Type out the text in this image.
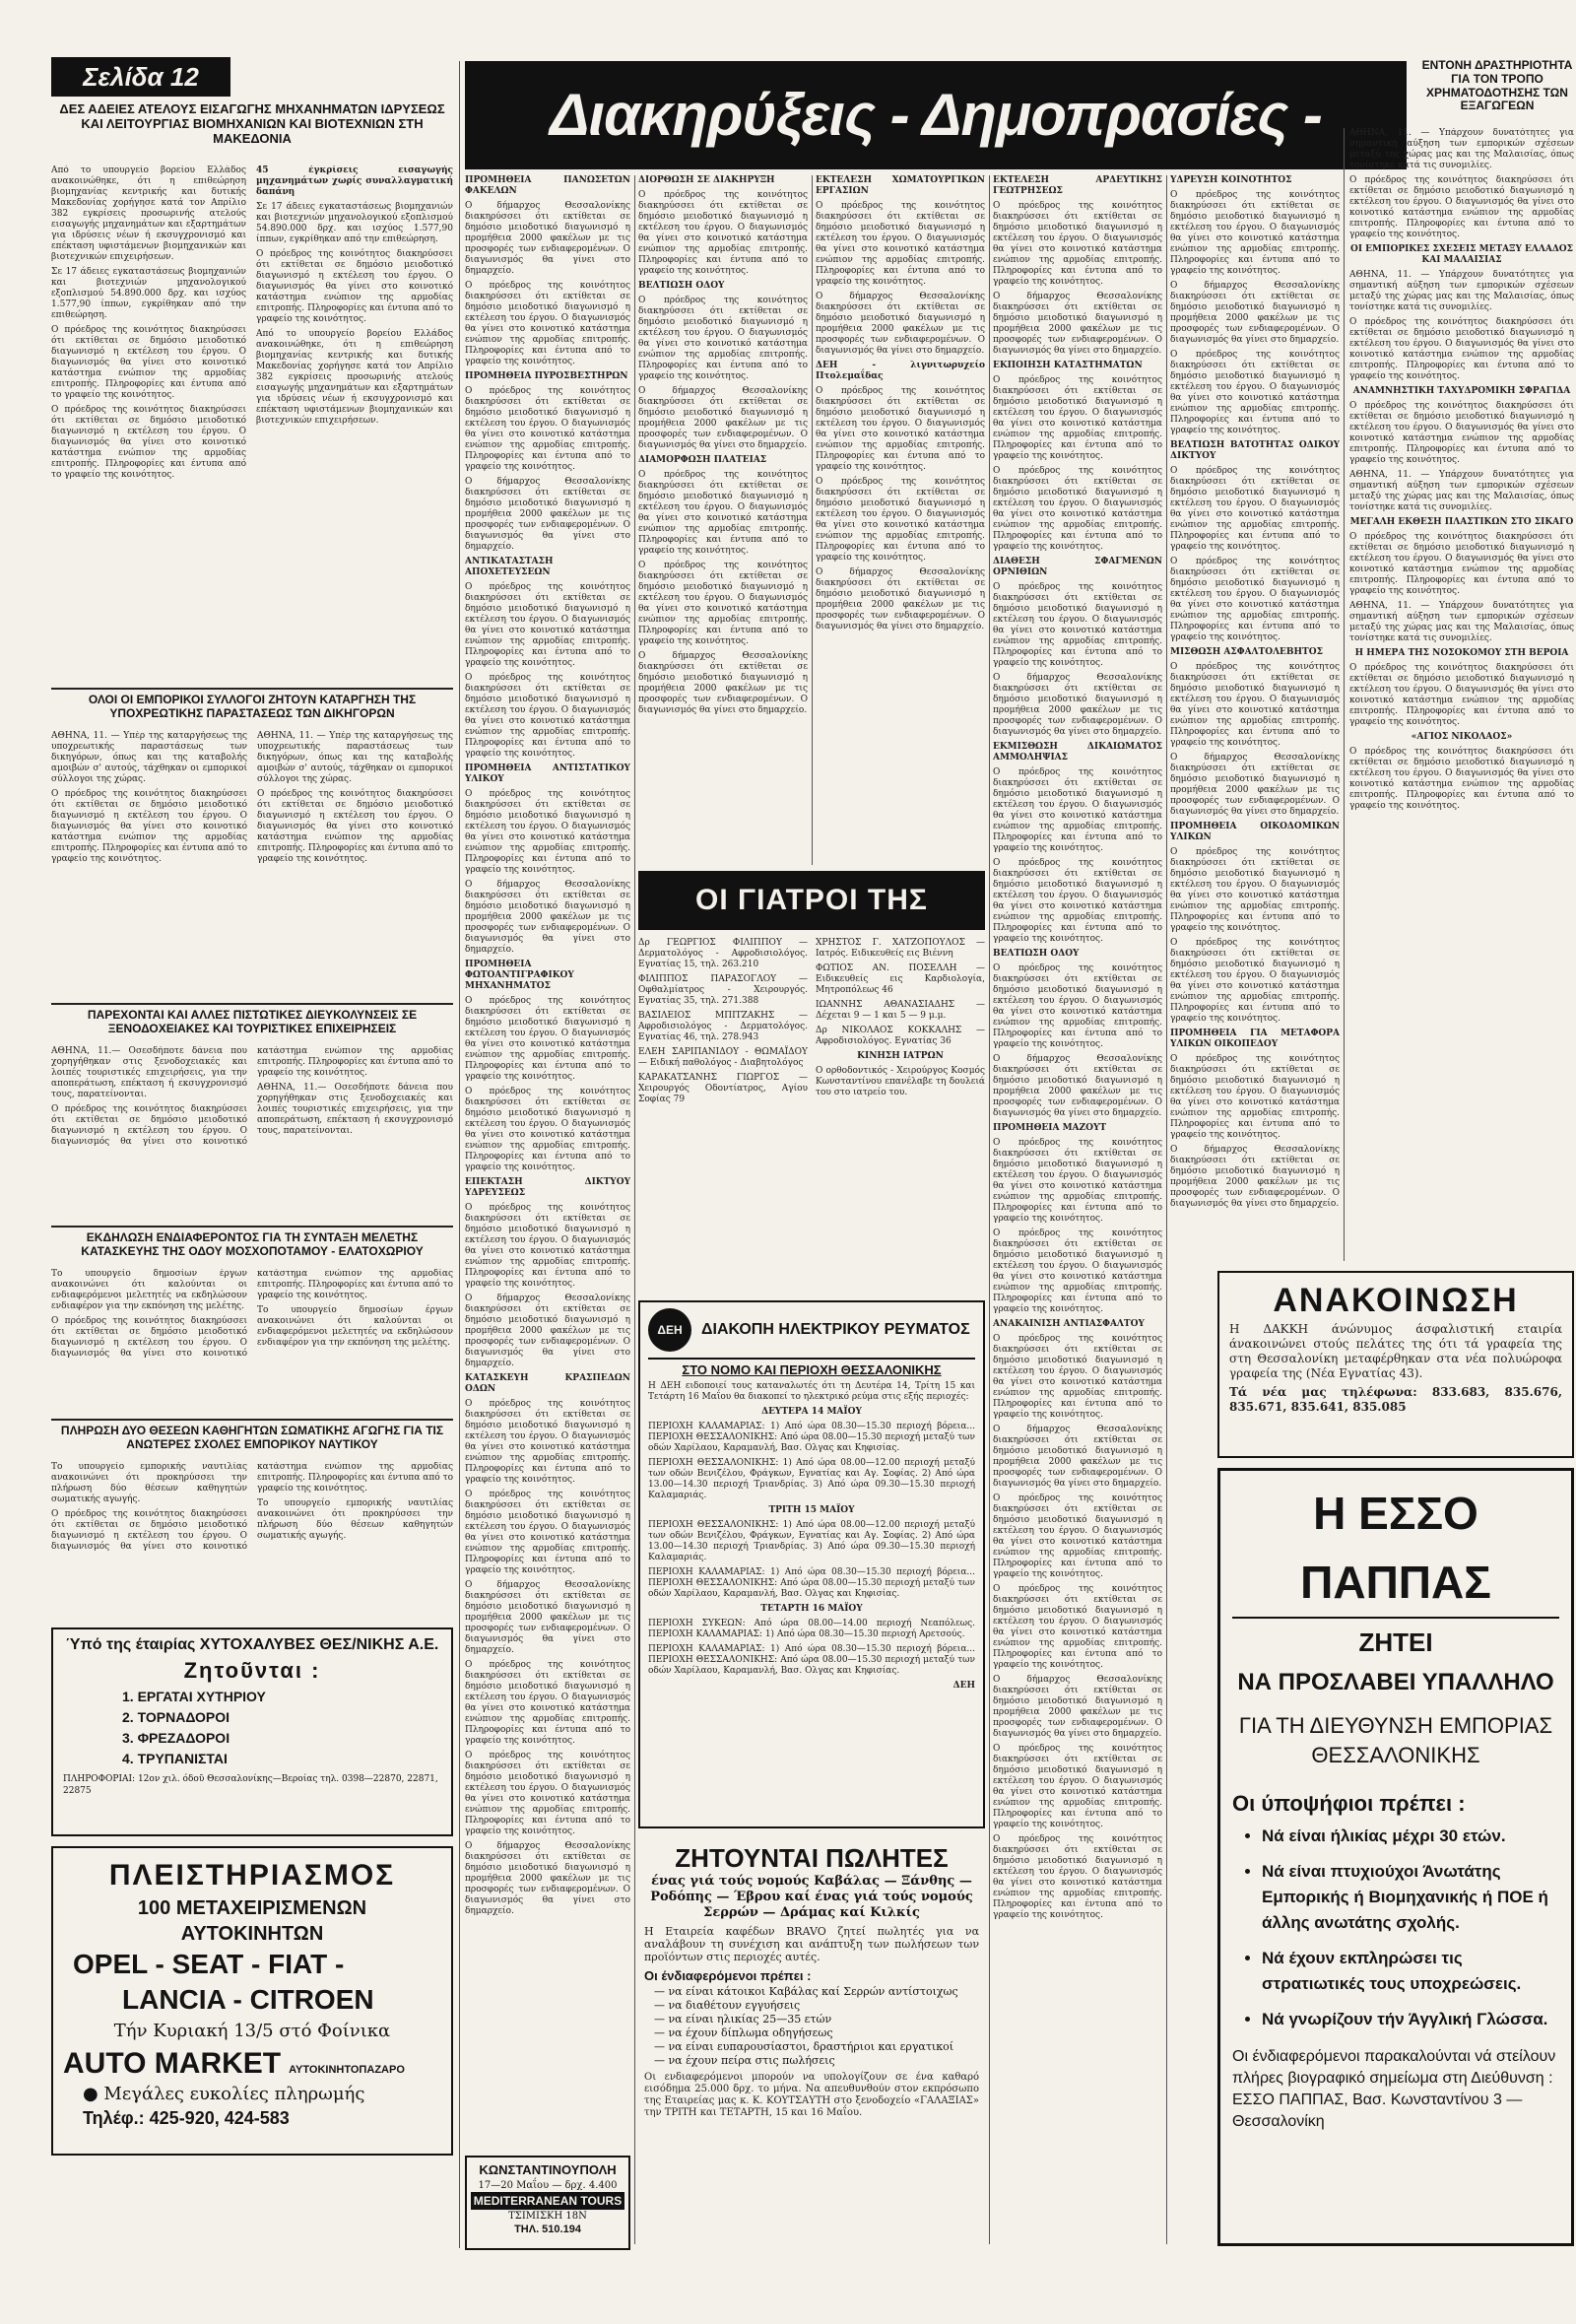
Σελίδα 12
ΔΕΣ ΑΔΕΙΕΣ ΑΤΕΛΟΥΣ ΕΙΣΑΓΩΓΗΣ ΜΗΧΑΝΗΜΑΤΩΝ ΙΔΡΥΣΕΩΣ ΚΑΙ ΛΕΙΤΟΥΡΓΙΑΣ ΒΙΟΜΗΧΑΝΙΩΝ ΚΑΙ ΒΙΟΤΕΧΝΙΩΝ ΣΤΗ ΜΑΚΕΔΟΝΙΑ	Διακηρύξεις - Δημοπρασίες -
ΕΝΤΟΝΗ ΔΡΑΣΤΗΡΙΟΤΗΤΑ ΓΙΑ ΤΟΝ ΤΡΟΠΟ ΧΡΗΜΑΤΟΔΟΤΗΣΗΣ ΤΩΝ ΕΞΑΓΩΓΕΩΝ

Από το υπουργείο βορείου Ελλάδος ανακοινώθηκε, ότι η επιθεώρηση βιομηχανίας κεντρικής και δυτικής Μακεδονίας χορήγησε κατά τον Απρίλιο 382 εγκρίσεις προσωρινής ατελούς εισαγωγής μηχανημάτων και εξαρτημάτων για ιδρύσεις νέων ή εκσυγχρονισμό και επέκταση υφιστάμενων βιομηχανικών και βιοτεχνικών επιχειρήσεων.

Σε 17 άδειες εγκαταστάσεως βιομηχανιών και βιοτεχνιών μηχανολογικού εξοπλισμού 54.890.000 δρχ. και ισχύος 1.577,90 ίππων, εγκρίθηκαν από την επιθεώρηση.

Ο πρόεδρος της κοινότητος διακηρύσσει ότι εκτίθεται σε δημόσιο μειοδοτικό διαγωνισμό η εκτέλεση του έργου. Ο διαγωνισμός θα γίνει στο κοινοτικό κατάστημα ενώπιον της αρμοδίας επιτροπής. Πληροφορίες και έντυπα από το γραφείο της κοινότητος.

Ο πρόεδρος της κοινότητος διακηρύσσει ότι εκτίθεται σε δημόσιο μειοδοτικό διαγωνισμό η εκτέλεση του έργου. Ο διαγωνισμός θα γίνει στο κοινοτικό κατάστημα ενώπιον της αρμοδίας επιτροπής. Πληροφορίες και έντυπα από το γραφείο της κοινότητος.

45 έγκρίσεις εισαγωγής μηχανημάτων χωρίς συναλλαγματική δαπάνη

Σε 17 άδειες εγκαταστάσεως βιομηχανιών και βιοτεχνιών μηχανολογικού εξοπλισμού 54.890.000 δρχ. και ισχύος 1.577,90 ίππων, εγκρίθηκαν από την επιθεώρηση.

Ο πρόεδρος της κοινότητος διακηρύσσει ότι εκτίθεται σε δημόσιο μειοδοτικό διαγωνισμό η εκτέλεση του έργου. Ο διαγωνισμός θα γίνει στο κοινοτικό κατάστημα ενώπιον της αρμοδίας επιτροπής. Πληροφορίες και έντυπα από το γραφείο της κοινότητος.

Από το υπουργείο βορείου Ελλάδος ανακοινώθηκε, ότι η επιθεώρηση βιομηχανίας κεντρικής και δυτικής Μακεδονίας χορήγησε κατά τον Απρίλιο 382 εγκρίσεις προσωρινής ατελούς εισαγωγής μηχανημάτων και εξαρτημάτων για ιδρύσεις νέων ή εκσυγχρονισμό και επέκταση υφιστάμενων βιομηχανικών και βιοτεχνικών επιχειρήσεων.

ΟΛΟΙ ΟΙ ΕΜΠΟΡΙΚΟΙ ΣΥΛΛΟΓΟΙ ΖΗΤΟΥΝ ΚΑΤΑΡΓΗΣΗ ΤΗΣ ΥΠΟΧΡΕΩΤΙΚΗΣ ΠΑΡΑΣΤΑΣΕΩΣ ΤΩΝ ΔΙΚΗΓΟΡΩΝ

ΑΘΗΝΑ, 11. — Υπέρ της καταργήσεως της υποχρεωτικής παραστάσεως των δικηγόρων, όπως και της καταβολής αμοιβών σ' αυτούς, τάχθηκαν οι εμπορικοί σύλλογοι της χώρας.

Ο πρόεδρος της κοινότητος διακηρύσσει ότι εκτίθεται σε δημόσιο μειοδοτικό διαγωνισμό η εκτέλεση του έργου. Ο διαγωνισμός θα γίνει στο κοινοτικό κατάστημα ενώπιον της αρμοδίας επιτροπής. Πληροφορίες και έντυπα από το γραφείο της κοινότητος.

ΑΘΗΝΑ, 11. — Υπέρ της καταργήσεως της υποχρεωτικής παραστάσεως των δικηγόρων, όπως και της καταβολής αμοιβών σ' αυτούς, τάχθηκαν οι εμπορικοί σύλλογοι της χώρας.

Ο πρόεδρος της κοινότητος διακηρύσσει ότι εκτίθεται σε δημόσιο μειοδοτικό διαγωνισμό η εκτέλεση του έργου. Ο διαγωνισμός θα γίνει στο κοινοτικό κατάστημα ενώπιον της αρμοδίας επιτροπής. Πληροφορίες και έντυπα από το γραφείο της κοινότητος.

ΠΑΡΕΧΟΝΤΑΙ ΚΑΙ ΑΛΛΕΣ ΠΙΣΤΩΤΙΚΕΣ ΔΙΕΥΚΟΛΥΝΣΕΙΣ ΣΕ ΞΕΝΟΔΟΧΕΙΑΚΕΣ ΚΑΙ ΤΟΥΡΙΣΤΙΚΕΣ ΕΠΙΧΕΙΡΗΣΕΙΣ

ΑΘΗΝΑ, 11.— Οσεσδήποτε δάνεια που χορηγήθηκαν στις ξενοδοχειακές και λοιπές τουριστικές επιχειρήσεις, για την αποπεράτωση, επέκταση ή εκσυγχρονισμό τους, παρατείνονται.

Ο πρόεδρος της κοινότητος διακηρύσσει ότι εκτίθεται σε δημόσιο μειοδοτικό διαγωνισμό η εκτέλεση του έργου. Ο διαγωνισμός θα γίνει στο κοινοτικό κατάστημα ενώπιον της αρμοδίας επιτροπής. Πληροφορίες και έντυπα από το γραφείο της κοινότητος.

ΑΘΗΝΑ, 11.— Οσεσδήποτε δάνεια που χορηγήθηκαν στις ξενοδοχειακές και λοιπές τουριστικές επιχειρήσεις, για την αποπεράτωση, επέκταση ή εκσυγχρονισμό τους, παρατείνονται.

ΕΚΔΗΛΩΣΗ ΕΝΔΙΑΦΕΡΟΝΤΟΣ ΓΙΑ ΤΗ ΣΥΝΤΑΞΗ ΜΕΛΕΤΗΣ ΚΑΤΑΣΚΕΥΗΣ ΤΗΣ ΟΔΟΥ ΜΟΣΧΟΠΟΤΑΜΟΥ - ΕΛΑΤΟΧΩΡΙΟΥ

Το υπουργείο δημοσίων έργων ανακοινώνει ότι καλούνται οι ενδιαφερόμενοι μελετητές να εκδηλώσουν ενδιαφέρον για την εκπόνηση της μελέτης.

Ο πρόεδρος της κοινότητος διακηρύσσει ότι εκτίθεται σε δημόσιο μειοδοτικό διαγωνισμό η εκτέλεση του έργου. Ο διαγωνισμός θα γίνει στο κοινοτικό κατάστημα ενώπιον της αρμοδίας επιτροπής. Πληροφορίες και έντυπα από το γραφείο της κοινότητος.

Το υπουργείο δημοσίων έργων ανακοινώνει ότι καλούνται οι ενδιαφερόμενοι μελετητές να εκδηλώσουν ενδιαφέρον για την εκπόνηση της μελέτης.

ΠΛΗΡΩΣΗ ΔΥΟ ΘΕΣΕΩΝ ΚΑΘΗΓΗΤΩΝ ΣΩΜΑΤΙΚΗΣ ΑΓΩΓΗΣ ΓΙΑ ΤΙΣ ΑΝΩΤΕΡΕΣ ΣΧΟΛΕΣ ΕΜΠΟΡΙΚΟΥ ΝΑΥΤΙΚΟΥ

Το υπουργείο εμπορικής ναυτιλίας ανακοινώνει ότι προκηρύσσει την πλήρωση δύο θέσεων καθηγητών σωματικής αγωγής.

Ο πρόεδρος της κοινότητος διακηρύσσει ότι εκτίθεται σε δημόσιο μειοδοτικό διαγωνισμό η εκτέλεση του έργου. Ο διαγωνισμός θα γίνει στο κοινοτικό κατάστημα ενώπιον της αρμοδίας επιτροπής. Πληροφορίες και έντυπα από το γραφείο της κοινότητος.

Το υπουργείο εμπορικής ναυτιλίας ανακοινώνει ότι προκηρύσσει την πλήρωση δύο θέσεων καθηγητών σωματικής αγωγής.

Ύπό της έταιρίας ΧΥΤΟΧΑΛΥΒΕΣ ΘΕΣ/ΝΙΚΗΣ Α.Ε.
Ζητοῦνται :
1. ΕΡΓΑΤΑΙ ΧΥΤΗΡΙΟΥ
2. ΤΟΡΝΑΔΟΡΟΙ
3. ΦΡΕΖΑΔΟΡΟΙ
4. ΤΡΥΠΑΝΙΣΤΑΙ
ΠΛΗΡΟΦΟΡΙΑΙ: 12ον χιλ. όδοῦ Θεσσαλονίκης—Βεροίας τηλ. 0398—22870, 22871, 22875
ΠΛΕΙΣΤΗΡΙΑΣΜΟΣ
100 ΜΕΤΑΧΕΙΡΙΣΜΕΝΩΝ
ΑΥΤΟΚΙΝΗΤΩΝ
OPEL - SEAT - FIAT -
LANCIA - CITROEN
Τήν Κυριακή 13/5 στό Φοίνικα
AUTO MARKET ΑΥΤΟΚΙΝΗΤΟΠΑΖΑΡΟ
● Μεγάλες ευκολίες πληρωμής
Τηλέφ.: 425-920, 424-583

ΠΡΟΜΗΘΕΙΑ ΠΑΝΩΣΕΤΩΝ ΦΑΚΕΛΩΝ

Ο δήμαρχος Θεσσαλονίκης διακηρύσσει ότι εκτίθεται σε δημόσιο μειοδοτικό διαγωνισμό η προμήθεια 2000 φακέλων με τις προσφορές των ενδιαφερομένων. Ο διαγωνισμός θα γίνει στο δημαρχείο.

Ο πρόεδρος της κοινότητος διακηρύσσει ότι εκτίθεται σε δημόσιο μειοδοτικό διαγωνισμό η εκτέλεση του έργου. Ο διαγωνισμός θα γίνει στο κοινοτικό κατάστημα ενώπιον της αρμοδίας επιτροπής. Πληροφορίες και έντυπα από το γραφείο της κοινότητος.

ΠΡΟΜΗΘΕΙΑ ΠΥΡΟΣΒΕΣΤΗΡΩΝ

Ο πρόεδρος της κοινότητος διακηρύσσει ότι εκτίθεται σε δημόσιο μειοδοτικό διαγωνισμό η εκτέλεση του έργου. Ο διαγωνισμός θα γίνει στο κοινοτικό κατάστημα ενώπιον της αρμοδίας επιτροπής. Πληροφορίες και έντυπα από το γραφείο της κοινότητος.

Ο δήμαρχος Θεσσαλονίκης διακηρύσσει ότι εκτίθεται σε δημόσιο μειοδοτικό διαγωνισμό η προμήθεια 2000 φακέλων με τις προσφορές των ενδιαφερομένων. Ο διαγωνισμός θα γίνει στο δημαρχείο.

ΑΝΤΙΚΑΤΑΣΤΑΣΗ ΑΠΟΧΕΤΕΥΣΕΩΝ

Ο πρόεδρος της κοινότητος διακηρύσσει ότι εκτίθεται σε δημόσιο μειοδοτικό διαγωνισμό η εκτέλεση του έργου. Ο διαγωνισμός θα γίνει στο κοινοτικό κατάστημα ενώπιον της αρμοδίας επιτροπής. Πληροφορίες και έντυπα από το γραφείο της κοινότητος.

Ο πρόεδρος της κοινότητος διακηρύσσει ότι εκτίθεται σε δημόσιο μειοδοτικό διαγωνισμό η εκτέλεση του έργου. Ο διαγωνισμός θα γίνει στο κοινοτικό κατάστημα ενώπιον της αρμοδίας επιτροπής. Πληροφορίες και έντυπα από το γραφείο της κοινότητος.

ΠΡΟΜΗΘΕΙΑ ΑΝΤΙΣΤΑΤΙΚΟΥ ΥΛΙΚΟΥ

Ο πρόεδρος της κοινότητος διακηρύσσει ότι εκτίθεται σε δημόσιο μειοδοτικό διαγωνισμό η εκτέλεση του έργου. Ο διαγωνισμός θα γίνει στο κοινοτικό κατάστημα ενώπιον της αρμοδίας επιτροπής. Πληροφορίες και έντυπα από το γραφείο της κοινότητος.

Ο δήμαρχος Θεσσαλονίκης διακηρύσσει ότι εκτίθεται σε δημόσιο μειοδοτικό διαγωνισμό η προμήθεια 2000 φακέλων με τις προσφορές των ενδιαφερομένων. Ο διαγωνισμός θα γίνει στο δημαρχείο.

ΠΡΟΜΗΘΕΙΑ ΦΩΤΟΑΝΤΙΓΡΑΦΙΚΟΥ ΜΗΧΑΝΗΜΑΤΟΣ

Ο πρόεδρος της κοινότητος διακηρύσσει ότι εκτίθεται σε δημόσιο μειοδοτικό διαγωνισμό η εκτέλεση του έργου. Ο διαγωνισμός θα γίνει στο κοινοτικό κατάστημα ενώπιον της αρμοδίας επιτροπής. Πληροφορίες και έντυπα από το γραφείο της κοινότητος.

Ο πρόεδρος της κοινότητος διακηρύσσει ότι εκτίθεται σε δημόσιο μειοδοτικό διαγωνισμό η εκτέλεση του έργου. Ο διαγωνισμός θα γίνει στο κοινοτικό κατάστημα ενώπιον της αρμοδίας επιτροπής. Πληροφορίες και έντυπα από το γραφείο της κοινότητος.

ΕΠΕΚΤΑΣΗ ΔΙΚΤΥΟΥ ΥΔΡΕΥΣΕΩΣ

Ο πρόεδρος της κοινότητος διακηρύσσει ότι εκτίθεται σε δημόσιο μειοδοτικό διαγωνισμό η εκτέλεση του έργου. Ο διαγωνισμός θα γίνει στο κοινοτικό κατάστημα ενώπιον της αρμοδίας επιτροπής. Πληροφορίες και έντυπα από το γραφείο της κοινότητος.

Ο δήμαρχος Θεσσαλονίκης διακηρύσσει ότι εκτίθεται σε δημόσιο μειοδοτικό διαγωνισμό η προμήθεια 2000 φακέλων με τις προσφορές των ενδιαφερομένων. Ο διαγωνισμός θα γίνει στο δημαρχείο.

ΚΑΤΑΣΚΕΥΗ ΚΡΑΣΠΕΔΩΝ ΟΔΩΝ

Ο πρόεδρος της κοινότητος διακηρύσσει ότι εκτίθεται σε δημόσιο μειοδοτικό διαγωνισμό η εκτέλεση του έργου. Ο διαγωνισμός θα γίνει στο κοινοτικό κατάστημα ενώπιον της αρμοδίας επιτροπής. Πληροφορίες και έντυπα από το γραφείο της κοινότητος.

Ο πρόεδρος της κοινότητος διακηρύσσει ότι εκτίθεται σε δημόσιο μειοδοτικό διαγωνισμό η εκτέλεση του έργου. Ο διαγωνισμός θα γίνει στο κοινοτικό κατάστημα ενώπιον της αρμοδίας επιτροπής. Πληροφορίες και έντυπα από το γραφείο της κοινότητος.

Ο δήμαρχος Θεσσαλονίκης διακηρύσσει ότι εκτίθεται σε δημόσιο μειοδοτικό διαγωνισμό η προμήθεια 2000 φακέλων με τις προσφορές των ενδιαφερομένων. Ο διαγωνισμός θα γίνει στο δημαρχείο.

Ο πρόεδρος της κοινότητος διακηρύσσει ότι εκτίθεται σε δημόσιο μειοδοτικό διαγωνισμό η εκτέλεση του έργου. Ο διαγωνισμός θα γίνει στο κοινοτικό κατάστημα ενώπιον της αρμοδίας επιτροπής. Πληροφορίες και έντυπα από το γραφείο της κοινότητος.

Ο πρόεδρος της κοινότητος διακηρύσσει ότι εκτίθεται σε δημόσιο μειοδοτικό διαγωνισμό η εκτέλεση του έργου. Ο διαγωνισμός θα γίνει στο κοινοτικό κατάστημα ενώπιον της αρμοδίας επιτροπής. Πληροφορίες και έντυπα από το γραφείο της κοινότητος.

Ο δήμαρχος Θεσσαλονίκης διακηρύσσει ότι εκτίθεται σε δημόσιο μειοδοτικό διαγωνισμό η προμήθεια 2000 φακέλων με τις προσφορές των ενδιαφερομένων. Ο διαγωνισμός θα γίνει στο δημαρχείο.

ΔΙΟΡΘΩΣΗ ΣΕ ΔΙΑΚΗΡΥΞΗ

Ο πρόεδρος της κοινότητος διακηρύσσει ότι εκτίθεται σε δημόσιο μειοδοτικό διαγωνισμό η εκτέλεση του έργου. Ο διαγωνισμός θα γίνει στο κοινοτικό κατάστημα ενώπιον της αρμοδίας επιτροπής. Πληροφορίες και έντυπα από το γραφείο της κοινότητος.

ΒΕΛΤΙΩΣΗ ΟΔΟΥ

Ο πρόεδρος της κοινότητος διακηρύσσει ότι εκτίθεται σε δημόσιο μειοδοτικό διαγωνισμό η εκτέλεση του έργου. Ο διαγωνισμός θα γίνει στο κοινοτικό κατάστημα ενώπιον της αρμοδίας επιτροπής. Πληροφορίες και έντυπα από το γραφείο της κοινότητος.

Ο δήμαρχος Θεσσαλονίκης διακηρύσσει ότι εκτίθεται σε δημόσιο μειοδοτικό διαγωνισμό η προμήθεια 2000 φακέλων με τις προσφορές των ενδιαφερομένων. Ο διαγωνισμός θα γίνει στο δημαρχείο.

ΔΙΑΜΟΡΦΩΣΗ ΠΛΑΤΕΙΑΣ

Ο πρόεδρος της κοινότητος διακηρύσσει ότι εκτίθεται σε δημόσιο μειοδοτικό διαγωνισμό η εκτέλεση του έργου. Ο διαγωνισμός θα γίνει στο κοινοτικό κατάστημα ενώπιον της αρμοδίας επιτροπής. Πληροφορίες και έντυπα από το γραφείο της κοινότητος.

Ο πρόεδρος της κοινότητος διακηρύσσει ότι εκτίθεται σε δημόσιο μειοδοτικό διαγωνισμό η εκτέλεση του έργου. Ο διαγωνισμός θα γίνει στο κοινοτικό κατάστημα ενώπιον της αρμοδίας επιτροπής. Πληροφορίες και έντυπα από το γραφείο της κοινότητος.

Ο δήμαρχος Θεσσαλονίκης διακηρύσσει ότι εκτίθεται σε δημόσιο μειοδοτικό διαγωνισμό η προμήθεια 2000 φακέλων με τις προσφορές των ενδιαφερομένων. Ο διαγωνισμός θα γίνει στο δημαρχείο.

ΕΚΤΕΛΕΣΗ ΧΩΜΑΤΟΥΡΓΙΚΩΝ ΕΡΓΑΣΙΩΝ

Ο πρόεδρος της κοινότητος διακηρύσσει ότι εκτίθεται σε δημόσιο μειοδοτικό διαγωνισμό η εκτέλεση του έργου. Ο διαγωνισμός θα γίνει στο κοινοτικό κατάστημα ενώπιον της αρμοδίας επιτροπής. Πληροφορίες και έντυπα από το γραφείο της κοινότητος.

Ο δήμαρχος Θεσσαλονίκης διακηρύσσει ότι εκτίθεται σε δημόσιο μειοδοτικό διαγωνισμό η προμήθεια 2000 φακέλων με τις προσφορές των ενδιαφερομένων. Ο διαγωνισμός θα γίνει στο δημαρχείο.

ΔΕΗ - λιγνιτωρυχείο Πτολεμαΐδας

Ο πρόεδρος της κοινότητος διακηρύσσει ότι εκτίθεται σε δημόσιο μειοδοτικό διαγωνισμό η εκτέλεση του έργου. Ο διαγωνισμός θα γίνει στο κοινοτικό κατάστημα ενώπιον της αρμοδίας επιτροπής. Πληροφορίες και έντυπα από το γραφείο της κοινότητος.

Ο πρόεδρος της κοινότητος διακηρύσσει ότι εκτίθεται σε δημόσιο μειοδοτικό διαγωνισμό η εκτέλεση του έργου. Ο διαγωνισμός θα γίνει στο κοινοτικό κατάστημα ενώπιον της αρμοδίας επιτροπής. Πληροφορίες και έντυπα από το γραφείο της κοινότητος.

Ο δήμαρχος Θεσσαλονίκης διακηρύσσει ότι εκτίθεται σε δημόσιο μειοδοτικό διαγωνισμό η προμήθεια 2000 φακέλων με τις προσφορές των ενδιαφερομένων. Ο διαγωνισμός θα γίνει στο δημαρχείο.

ΟΙ ΓΙΑΤΡΟΙ ΤΗΣ

Δρ ΓΕΩΡΓΙΟΣ ΦΙΛΙΠΠΟΥ — Δερματολόγος - Αφροδισιολόγος. Εγνατίας 15, τηλ. 263.210

ΦΙΛΙΠΠΟΣ ΠΑΡΑΣΟΓΛΟΥ — Οφθαλμίατρος - Χειρουργός. Εγνατίας 35, τηλ. 271.388

ΒΑΣΙΛΕΙΟΣ ΜΠΙΤΖΑΚΗΣ — Αφροδισιολόγος - Δερματολόγος. Εγνατίας 46, τηλ. 278.943

ΕΛΕΗ ΣΑΡΙΠΑΝΙΔΟΥ - ΘΩΜΑΪΔΟΥ — Ειδική παθολόγος - Διαβητολόγος

ΚΑΡΑΚΑΤΣΑΝΗΣ ΓΙΩΡΓΟΣ — Χειρουργός Οδοντίατρος, Αγίου Σοφίας 79

ΧΡΗΣΤΟΣ Γ. ΧΑΤΖΟΠΟΥΛΟΣ — Ιατρός. Ειδικευθείς εις Βιέννη

ΦΩΤΙΟΣ ΑΝ. ΠΟΣΕΛΛΗ — Ειδικευθείς εις Καρδιολογία, Μητροπόλεως 46

ΙΩΑΝΝΗΣ ΑΘΑΝΑΣΙΑΔΗΣ — Δέχεται 9 — 1 και 5 — 9 μ.μ.

Δρ ΝΙΚΟΛΑΟΣ ΚΟΚΚΑΛΗΣ — Αφροδισιολόγος. Εγνατίας 36

ΚΙΝΗΣΗ ΙΑΤΡΩΝ

Ο ορθοδοντικός - Χειρούργος Κοσμός Κωνσταντίνου επανέλαβε τη δουλειά του στο ιατρείο του.

ΔΕΗ	ΔΙΑΚΟΠΗ ΗΛΕΚΤΡΙΚΟΥ ΡΕΥΜΑΤΟΣ
ΣΤΟ ΝΟΜΟ ΚΑΙ ΠΕΡΙΟΧΗ ΘΕΣΣΑΛΟΝΙΚΗΣ

Η ΔΕΗ ειδοποιεί τους καταναλωτές ότι τη Δευτέρα 14, Τρίτη 15 και Τετάρτη 16 Μαΐου θα διακοπεί το ηλεκτρικό ρεύμα στις εξής περιοχές:

ΔΕΥΤΕΡΑ 14 ΜΑΪΟΥ

ΠΕΡΙΟΧΗ ΚΑΛΑΜΑΡΙΑΣ: 1) Από ώρα 08.30—15.30 περιοχή βόρεια... ΠΕΡΙΟΧΗ ΘΕΣΣΑΛΟΝΙΚΗΣ: Από ώρα 08.00—15.30 περιοχή μεταξύ των οδών Χαρίλαου, Καραμανλή, Βασ. Ολγας και Κηφισίας.

ΠΕΡΙΟΧΗ ΘΕΣΣΑΛΟΝΙΚΗΣ: 1) Από ώρα 08.00—12.00 περιοχή μεταξύ των οδών Βενιζέλου, Φράγκων, Εγνατίας και Αγ. Σοφίας. 2) Από ώρα 13.00—14.30 περιοχή Τριανδρίας. 3) Από ώρα 09.30—15.30 περιοχή Καλαμαριάς.

ΤΡΙΤΗ 15 ΜΑΪΟΥ

ΠΕΡΙΟΧΗ ΘΕΣΣΑΛΟΝΙΚΗΣ: 1) Από ώρα 08.00—12.00 περιοχή μεταξύ των οδών Βενιζέλου, Φράγκων, Εγνατίας και Αγ. Σοφίας. 2) Από ώρα 13.00—14.30 περιοχή Τριανδρίας. 3) Από ώρα 09.30—15.30 περιοχή Καλαμαριάς.

ΠΕΡΙΟΧΗ ΚΑΛΑΜΑΡΙΑΣ: 1) Από ώρα 08.30—15.30 περιοχή βόρεια... ΠΕΡΙΟΧΗ ΘΕΣΣΑΛΟΝΙΚΗΣ: Από ώρα 08.00—15.30 περιοχή μεταξύ των οδών Χαρίλαου, Καραμανλή, Βασ. Ολγας και Κηφισίας.

ΤΕΤΑΡΤΗ 16 ΜΑΪΟΥ

ΠΕΡΙΟΧΗ ΣΥΚΕΩΝ: Από ώρα 08.00—14.00 περιοχή Νεαπόλεως. ΠΕΡΙΟΧΗ ΚΑΛΑΜΑΡΙΑΣ: 1) Από ώρα 08.30—15.30 περιοχή Αρετσούς.

ΠΕΡΙΟΧΗ ΚΑΛΑΜΑΡΙΑΣ: 1) Από ώρα 08.30—15.30 περιοχή βόρεια... ΠΕΡΙΟΧΗ ΘΕΣΣΑΛΟΝΙΚΗΣ: Από ώρα 08.00—15.30 περιοχή μεταξύ των οδών Χαρίλαου, Καραμανλή, Βασ. Ολγας και Κηφισίας.

ΔΕΗ

ΖΗΤΟΥΝΤΑΙ ΠΩΛΗΤΕΣ
ένας γιά τούς νομούς Καβάλας — Ξάνθης — Ροδόπης — Έβρου καί ένας γιά τούς νομούς Σερρών — Δράμας καί Κιλκίς

Η Εταιρεία καφέδων BRAVO ζητεί πωλητές για να αναλάβουν τη συνέχιση και ανάπτυξη των πωλήσεων των προϊόντων στις περιοχές αυτές.

Οι ένδιαφερόμενοι πρέπει :
— να είναι κάτοικοι Καβάλας καί Σερρών αντίστοιχως
— να διαθέτουν εγγυήσεις
— να είναι ηλικίας 25—35 ετών
— να έχουν δίπλωμα οδηγήσεως
— να είναι ευπαρουσίαστοι, δραστήριοι και εργατικοί
— να έχουν πείρα στις πωλήσεις

Οι ενδιαφερόμενοι μπορούν να υπολογίζουν σε ένα καθαρό εισόδημα 25.000 δρχ. το μήνα. Να απευθυνθούν στον εκπρόσωπο της Εταιρείας μας κ. Κ. ΚΟΥΤΣΑΥΤΗ στο ξενοδοχείο «ΓΑΛΑΞΙΑΣ» την ΤΡΙΤΗ και ΤΕΤΑΡΤΗ, 15 και 16 Μαΐου.

ΚΩΝΣΤΑΝΤΙΝΟΥΠΟΛΗ
17—20 Μαΐου — δρχ. 4.400
MEDITERRANEAN TOURS
ΤΣΙΜΙΣΚΗ 18Ν
ΤΗΛ. 510.194

ΕΚΤΕΛΕΣΗ ΑΡΔΕΥΤΙΚΗΣ ΓΕΩΤΡΗΣΕΩΣ

Ο πρόεδρος της κοινότητος διακηρύσσει ότι εκτίθεται σε δημόσιο μειοδοτικό διαγωνισμό η εκτέλεση του έργου. Ο διαγωνισμός θα γίνει στο κοινοτικό κατάστημα ενώπιον της αρμοδίας επιτροπής. Πληροφορίες και έντυπα από το γραφείο της κοινότητος.

Ο δήμαρχος Θεσσαλονίκης διακηρύσσει ότι εκτίθεται σε δημόσιο μειοδοτικό διαγωνισμό η προμήθεια 2000 φακέλων με τις προσφορές των ενδιαφερομένων. Ο διαγωνισμός θα γίνει στο δημαρχείο.

ΕΚΠΟΙΗΣΗ ΚΑΤΑΣΤΗΜΑΤΩΝ

Ο πρόεδρος της κοινότητος διακηρύσσει ότι εκτίθεται σε δημόσιο μειοδοτικό διαγωνισμό η εκτέλεση του έργου. Ο διαγωνισμός θα γίνει στο κοινοτικό κατάστημα ενώπιον της αρμοδίας επιτροπής. Πληροφορίες και έντυπα από το γραφείο της κοινότητος.

Ο πρόεδρος της κοινότητος διακηρύσσει ότι εκτίθεται σε δημόσιο μειοδοτικό διαγωνισμό η εκτέλεση του έργου. Ο διαγωνισμός θα γίνει στο κοινοτικό κατάστημα ενώπιον της αρμοδίας επιτροπής. Πληροφορίες και έντυπα από το γραφείο της κοινότητος.

ΔΙΑΘΕΣΗ ΣΦΑΓΜΕΝΩΝ ΟΡΝΙΘΙΩΝ

Ο πρόεδρος της κοινότητος διακηρύσσει ότι εκτίθεται σε δημόσιο μειοδοτικό διαγωνισμό η εκτέλεση του έργου. Ο διαγωνισμός θα γίνει στο κοινοτικό κατάστημα ενώπιον της αρμοδίας επιτροπής. Πληροφορίες και έντυπα από το γραφείο της κοινότητος.

Ο δήμαρχος Θεσσαλονίκης διακηρύσσει ότι εκτίθεται σε δημόσιο μειοδοτικό διαγωνισμό η προμήθεια 2000 φακέλων με τις προσφορές των ενδιαφερομένων. Ο διαγωνισμός θα γίνει στο δημαρχείο.

ΕΚΜΙΣΘΩΣΗ ΔΙΚΑΙΩΜΑΤΟΣ ΑΜΜΟΛΗΨΙΑΣ

Ο πρόεδρος της κοινότητος διακηρύσσει ότι εκτίθεται σε δημόσιο μειοδοτικό διαγωνισμό η εκτέλεση του έργου. Ο διαγωνισμός θα γίνει στο κοινοτικό κατάστημα ενώπιον της αρμοδίας επιτροπής. Πληροφορίες και έντυπα από το γραφείο της κοινότητος.

Ο πρόεδρος της κοινότητος διακηρύσσει ότι εκτίθεται σε δημόσιο μειοδοτικό διαγωνισμό η εκτέλεση του έργου. Ο διαγωνισμός θα γίνει στο κοινοτικό κατάστημα ενώπιον της αρμοδίας επιτροπής. Πληροφορίες και έντυπα από το γραφείο της κοινότητος.

ΒΕΛΤΙΩΣΗ ΟΔΟΥ

Ο πρόεδρος της κοινότητος διακηρύσσει ότι εκτίθεται σε δημόσιο μειοδοτικό διαγωνισμό η εκτέλεση του έργου. Ο διαγωνισμός θα γίνει στο κοινοτικό κατάστημα ενώπιον της αρμοδίας επιτροπής. Πληροφορίες και έντυπα από το γραφείο της κοινότητος.

Ο δήμαρχος Θεσσαλονίκης διακηρύσσει ότι εκτίθεται σε δημόσιο μειοδοτικό διαγωνισμό η προμήθεια 2000 φακέλων με τις προσφορές των ενδιαφερομένων. Ο διαγωνισμός θα γίνει στο δημαρχείο.

ΠΡΟΜΗΘΕΙΑ ΜΑΖΟΥΤ

Ο πρόεδρος της κοινότητος διακηρύσσει ότι εκτίθεται σε δημόσιο μειοδοτικό διαγωνισμό η εκτέλεση του έργου. Ο διαγωνισμός θα γίνει στο κοινοτικό κατάστημα ενώπιον της αρμοδίας επιτροπής. Πληροφορίες και έντυπα από το γραφείο της κοινότητος.

Ο πρόεδρος της κοινότητος διακηρύσσει ότι εκτίθεται σε δημόσιο μειοδοτικό διαγωνισμό η εκτέλεση του έργου. Ο διαγωνισμός θα γίνει στο κοινοτικό κατάστημα ενώπιον της αρμοδίας επιτροπής. Πληροφορίες και έντυπα από το γραφείο της κοινότητος.

ΑΝΑΚΑΙΝΙΣΗ ΑΝΤΙΑΣΦΑΛΤΟΥ

Ο πρόεδρος της κοινότητος διακηρύσσει ότι εκτίθεται σε δημόσιο μειοδοτικό διαγωνισμό η εκτέλεση του έργου. Ο διαγωνισμός θα γίνει στο κοινοτικό κατάστημα ενώπιον της αρμοδίας επιτροπής. Πληροφορίες και έντυπα από το γραφείο της κοινότητος.

Ο δήμαρχος Θεσσαλονίκης διακηρύσσει ότι εκτίθεται σε δημόσιο μειοδοτικό διαγωνισμό η προμήθεια 2000 φακέλων με τις προσφορές των ενδιαφερομένων. Ο διαγωνισμός θα γίνει στο δημαρχείο.

Ο πρόεδρος της κοινότητος διακηρύσσει ότι εκτίθεται σε δημόσιο μειοδοτικό διαγωνισμό η εκτέλεση του έργου. Ο διαγωνισμός θα γίνει στο κοινοτικό κατάστημα ενώπιον της αρμοδίας επιτροπής. Πληροφορίες και έντυπα από το γραφείο της κοινότητος.

Ο πρόεδρος της κοινότητος διακηρύσσει ότι εκτίθεται σε δημόσιο μειοδοτικό διαγωνισμό η εκτέλεση του έργου. Ο διαγωνισμός θα γίνει στο κοινοτικό κατάστημα ενώπιον της αρμοδίας επιτροπής. Πληροφορίες και έντυπα από το γραφείο της κοινότητος.

Ο δήμαρχος Θεσσαλονίκης διακηρύσσει ότι εκτίθεται σε δημόσιο μειοδοτικό διαγωνισμό η προμήθεια 2000 φακέλων με τις προσφορές των ενδιαφερομένων. Ο διαγωνισμός θα γίνει στο δημαρχείο.

Ο πρόεδρος της κοινότητος διακηρύσσει ότι εκτίθεται σε δημόσιο μειοδοτικό διαγωνισμό η εκτέλεση του έργου. Ο διαγωνισμός θα γίνει στο κοινοτικό κατάστημα ενώπιον της αρμοδίας επιτροπής. Πληροφορίες και έντυπα από το γραφείο της κοινότητος.

Ο πρόεδρος της κοινότητος διακηρύσσει ότι εκτίθεται σε δημόσιο μειοδοτικό διαγωνισμό η εκτέλεση του έργου. Ο διαγωνισμός θα γίνει στο κοινοτικό κατάστημα ενώπιον της αρμοδίας επιτροπής. Πληροφορίες και έντυπα από το γραφείο της κοινότητος.

ΥΔΡΕΥΣΗ ΚΟΙΝΟΤΗΤΟΣ

Ο πρόεδρος της κοινότητος διακηρύσσει ότι εκτίθεται σε δημόσιο μειοδοτικό διαγωνισμό η εκτέλεση του έργου. Ο διαγωνισμός θα γίνει στο κοινοτικό κατάστημα ενώπιον της αρμοδίας επιτροπής. Πληροφορίες και έντυπα από το γραφείο της κοινότητος.

Ο δήμαρχος Θεσσαλονίκης διακηρύσσει ότι εκτίθεται σε δημόσιο μειοδοτικό διαγωνισμό η προμήθεια 2000 φακέλων με τις προσφορές των ενδιαφερομένων. Ο διαγωνισμός θα γίνει στο δημαρχείο.

Ο πρόεδρος της κοινότητος διακηρύσσει ότι εκτίθεται σε δημόσιο μειοδοτικό διαγωνισμό η εκτέλεση του έργου. Ο διαγωνισμός θα γίνει στο κοινοτικό κατάστημα ενώπιον της αρμοδίας επιτροπής. Πληροφορίες και έντυπα από το γραφείο της κοινότητος.

ΒΕΛΤΙΩΣΗ ΒΑΤΟΤΗΤΑΣ ΟΔΙΚΟΥ ΔΙΚΤΥΟΥ

Ο πρόεδρος της κοινότητος διακηρύσσει ότι εκτίθεται σε δημόσιο μειοδοτικό διαγωνισμό η εκτέλεση του έργου. Ο διαγωνισμός θα γίνει στο κοινοτικό κατάστημα ενώπιον της αρμοδίας επιτροπής. Πληροφορίες και έντυπα από το γραφείο της κοινότητος.

Ο πρόεδρος της κοινότητος διακηρύσσει ότι εκτίθεται σε δημόσιο μειοδοτικό διαγωνισμό η εκτέλεση του έργου. Ο διαγωνισμός θα γίνει στο κοινοτικό κατάστημα ενώπιον της αρμοδίας επιτροπής. Πληροφορίες και έντυπα από το γραφείο της κοινότητος.

ΜΙΣΘΩΣΗ ΑΣΦΑΛΤΟΛΕΒΗΤΟΣ

Ο πρόεδρος της κοινότητος διακηρύσσει ότι εκτίθεται σε δημόσιο μειοδοτικό διαγωνισμό η εκτέλεση του έργου. Ο διαγωνισμός θα γίνει στο κοινοτικό κατάστημα ενώπιον της αρμοδίας επιτροπής. Πληροφορίες και έντυπα από το γραφείο της κοινότητος.

Ο δήμαρχος Θεσσαλονίκης διακηρύσσει ότι εκτίθεται σε δημόσιο μειοδοτικό διαγωνισμό η προμήθεια 2000 φακέλων με τις προσφορές των ενδιαφερομένων. Ο διαγωνισμός θα γίνει στο δημαρχείο.

ΠΡΟΜΗΘΕΙΑ ΟΙΚΟΔΟΜΙΚΩΝ ΥΛΙΚΩΝ

Ο πρόεδρος της κοινότητος διακηρύσσει ότι εκτίθεται σε δημόσιο μειοδοτικό διαγωνισμό η εκτέλεση του έργου. Ο διαγωνισμός θα γίνει στο κοινοτικό κατάστημα ενώπιον της αρμοδίας επιτροπής. Πληροφορίες και έντυπα από το γραφείο της κοινότητος.

Ο πρόεδρος της κοινότητος διακηρύσσει ότι εκτίθεται σε δημόσιο μειοδοτικό διαγωνισμό η εκτέλεση του έργου. Ο διαγωνισμός θα γίνει στο κοινοτικό κατάστημα ενώπιον της αρμοδίας επιτροπής. Πληροφορίες και έντυπα από το γραφείο της κοινότητος.

ΠΡΟΜΗΘΕΙΑ ΓΙΑ ΜΕΤΑΦΟΡΑ ΥΛΙΚΩΝ ΟΙΚΟΠΕΔΟΥ

Ο πρόεδρος της κοινότητος διακηρύσσει ότι εκτίθεται σε δημόσιο μειοδοτικό διαγωνισμό η εκτέλεση του έργου. Ο διαγωνισμός θα γίνει στο κοινοτικό κατάστημα ενώπιον της αρμοδίας επιτροπής. Πληροφορίες και έντυπα από το γραφείο της κοινότητος.

Ο δήμαρχος Θεσσαλονίκης διακηρύσσει ότι εκτίθεται σε δημόσιο μειοδοτικό διαγωνισμό η προμήθεια 2000 φακέλων με τις προσφορές των ενδιαφερομένων. Ο διαγωνισμός θα γίνει στο δημαρχείο.

ΑΘΗΝΑ, 11. — Υπάρχουν δυνατότητες για σημαντική αύξηση των εμπορικών σχέσεων μεταξύ της χώρας μας και της Μαλαισίας, όπως τονίστηκε κατά τις συνομιλίες.

Ο πρόεδρος της κοινότητος διακηρύσσει ότι εκτίθεται σε δημόσιο μειοδοτικό διαγωνισμό η εκτέλεση του έργου. Ο διαγωνισμός θα γίνει στο κοινοτικό κατάστημα ενώπιον της αρμοδίας επιτροπής. Πληροφορίες και έντυπα από το γραφείο της κοινότητος.

ΟΙ ΕΜΠΟΡΙΚΕΣ ΣΧΕΣΕΙΣ ΜΕΤΑΞΥ ΕΛΛΑΔΟΣ ΚΑΙ ΜΑΛΑΙΣΙΑΣ

ΑΘΗΝΑ, 11. — Υπάρχουν δυνατότητες για σημαντική αύξηση των εμπορικών σχέσεων μεταξύ της χώρας μας και της Μαλαισίας, όπως τονίστηκε κατά τις συνομιλίες.

Ο πρόεδρος της κοινότητος διακηρύσσει ότι εκτίθεται σε δημόσιο μειοδοτικό διαγωνισμό η εκτέλεση του έργου. Ο διαγωνισμός θα γίνει στο κοινοτικό κατάστημα ενώπιον της αρμοδίας επιτροπής. Πληροφορίες και έντυπα από το γραφείο της κοινότητος.

ΑΝΑΜΝΗΣΤΙΚΗ ΤΑΧΥΔΡΟΜΙΚΗ ΣΦΡΑΓΙΔΑ

Ο πρόεδρος της κοινότητος διακηρύσσει ότι εκτίθεται σε δημόσιο μειοδοτικό διαγωνισμό η εκτέλεση του έργου. Ο διαγωνισμός θα γίνει στο κοινοτικό κατάστημα ενώπιον της αρμοδίας επιτροπής. Πληροφορίες και έντυπα από το γραφείο της κοινότητος.

ΑΘΗΝΑ, 11. — Υπάρχουν δυνατότητες για σημαντική αύξηση των εμπορικών σχέσεων μεταξύ της χώρας μας και της Μαλαισίας, όπως τονίστηκε κατά τις συνομιλίες.

ΜΕΓΑΛΗ ΕΚΘΕΣΗ ΠΛΑΣΤΙΚΩΝ ΣΤΟ ΣΙΚΑΓΟ

Ο πρόεδρος της κοινότητος διακηρύσσει ότι εκτίθεται σε δημόσιο μειοδοτικό διαγωνισμό η εκτέλεση του έργου. Ο διαγωνισμός θα γίνει στο κοινοτικό κατάστημα ενώπιον της αρμοδίας επιτροπής. Πληροφορίες και έντυπα από το γραφείο της κοινότητος.

ΑΘΗΝΑ, 11. — Υπάρχουν δυνατότητες για σημαντική αύξηση των εμπορικών σχέσεων μεταξύ της χώρας μας και της Μαλαισίας, όπως τονίστηκε κατά τις συνομιλίες.

Η ΗΜΕΡΑ ΤΗΣ ΝΟΣΟΚΟΜΟΥ ΣΤΗ ΒΕΡΟΙΑ

Ο πρόεδρος της κοινότητος διακηρύσσει ότι εκτίθεται σε δημόσιο μειοδοτικό διαγωνισμό η εκτέλεση του έργου. Ο διαγωνισμός θα γίνει στο κοινοτικό κατάστημα ενώπιον της αρμοδίας επιτροπής. Πληροφορίες και έντυπα από το γραφείο της κοινότητος.

«ΑΓΙΟΣ ΝΙΚΟΛΑΟΣ»

Ο πρόεδρος της κοινότητος διακηρύσσει ότι εκτίθεται σε δημόσιο μειοδοτικό διαγωνισμό η εκτέλεση του έργου. Ο διαγωνισμός θα γίνει στο κοινοτικό κατάστημα ενώπιον της αρμοδίας επιτροπής. Πληροφορίες και έντυπα από το γραφείο της κοινότητος.

ΑΝΑΚΟΙΝΩΣΗ

Η ΔΑΚΚΗ άνώνυμος άσφαλιστική εταιρία άνακοινώνει στούς πελάτες της ότι τά γραφεία της στη Θεσσαλονίκη μεταφέρθηκαν στα νέα πολυώροφα γραφεία της (Νέα Εγνατίας 43).

Τά νέα μας τηλέφωνα: 833.683, 835.676, 835.671, 835.641, 835.085

Η ΕΣΣΟ ΠΑΠΠΑΣ
ΖΗΤΕΙ
ΝΑ ΠΡΟΣΛΑΒΕΙ ΥΠΑΛΛΗΛΟ
ΓΙΑ ΤΗ ΔΙΕΥΘΥΝΣΗ ΕΜΠΟΡΙΑΣ ΘΕΣΣΑΛΟΝΙΚΗΣ
Οι ύποψήφιοι πρέπει :
• Νά είναι ήλικίας μέχρι 30 ετών.
• Νά είναι πτυχιούχοι Άνωτάτης Εμπορικής ή Βιομηχανικής ή ΠΟΕ ή άλλης ανωτάτης σχολής.
• Νά έχουν εκπληρώσει τις στρατιωτικές τους υποχρεώσεις.
• Νά γνωρίζουν τήν Άγγλική Γλώσσα.
Οι ένδιαφερόμενοι παρακαλούνται νά στείλουν πλήρες βιογραφικό σημείωμα στη Διεύθυνση : ΕΣΣΟ ΠΑΠΠΑΣ, Βασ. Κωνσταντίνου 3 — Θεσσαλονίκη
